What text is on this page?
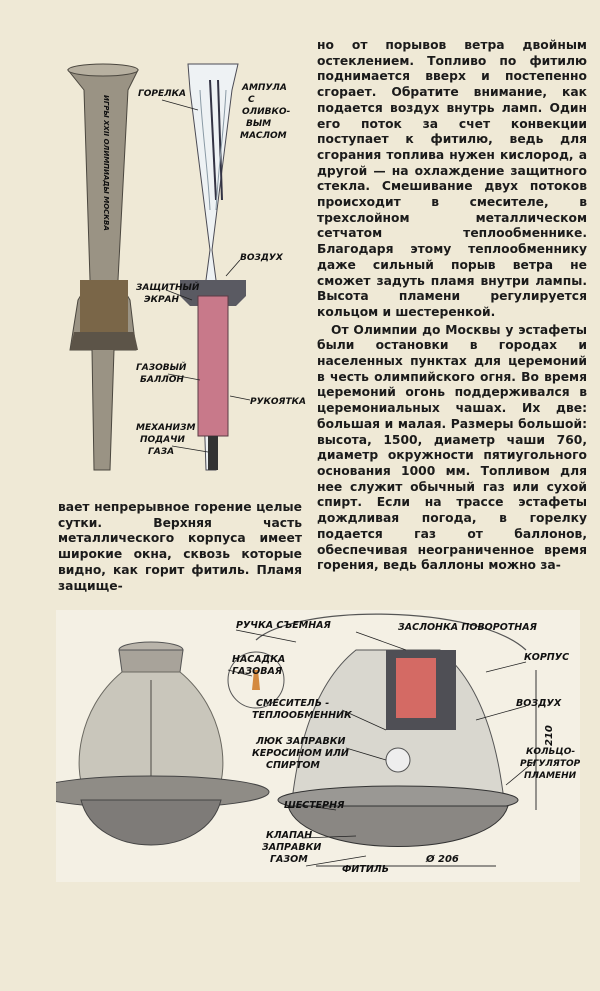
ИГРЫ XXII ОЛИМПИАДЫ МОСКВА
ГОРЕЛКА
АМПУЛА
С
ОЛИВКО-
ВЫМ
МАСЛОМ
ВОЗДУХ
ЗАЩИТНЫЙ
ЭКРАН
ГАЗОВЫЙ
БАЛЛОН
РУКОЯТКА
МЕХАНИЗМ
ПОДАЧИ
ГАЗА

но от порывов ветра двойным остеклением. Топливо по фитилю поднимается вверх и постепенно сгорает. Обратите внимание, как подается воздух внутрь ламп. Один его поток за счет конвекции поступает к фитилю, ведь для сгорания топлива нужен кислород, а другой — на охлаждение защитного стекла. Смешивание двух потоков происходит в смесителе, в трехслойном металлическом сетчатом теплообменнике. Благодаря этому теплообменнику даже сильный порыв ветра не сможет задуть пламя внутри лампы. Высота пламени регулируется кольцом и шестеренкой.

От Олимпии до Москвы у эстафеты были остановки в городах и населенных пунктах для церемоний в честь олимпийского огня. Во время церемоний огонь поддерживался в церемониальных чашах. Их две: большая и малая. Размеры большой: высота, 1500, диаметр чаши 760, диаметр окружности пятиугольного основания 1000 мм. Топливом для нее служит обычный газ или сухой спирт. Если на трассе эстафеты дождливая погода, в горелку подается газ от баллонов, обеспечивая неограниченное время горения, ведь баллоны можно за-

вает непрерывное горение целые сутки. Верхняя часть металлического корпуса имеет широкие окна, сквозь которые видно, как горит фитиль. Пламя защище-

РУЧКА СЪЕМНАЯ	ЗАСЛОНКА ПОВОРОТНАЯ
НАСАДКА
ГАЗОВАЯ
КОРПУС
ВОЗДУХ
СМЕСИТЕЛЬ -
ТЕПЛООБМЕННИК
ЛЮК ЗАПРАВКИ
КЕРОСИНОМ ИЛИ
СПИРТОМ
КОЛЬЦО-
РЕГУЛЯТОР
ПЛАМЕНИ
ШЕСТЕРНЯ
КЛАПАН
ЗАПРАВКИ
ГАЗОМ
ФИТИЛЬ
Ø 206
210
